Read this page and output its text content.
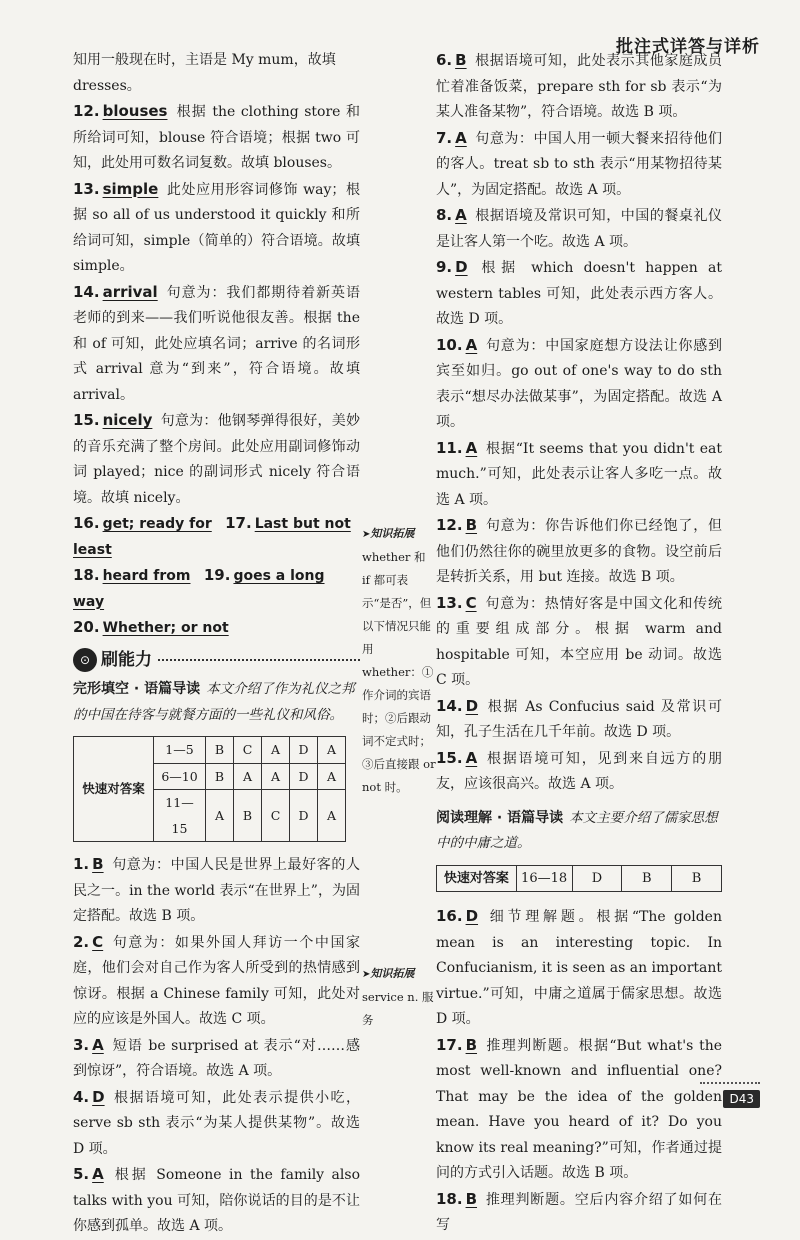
批注式详答与详析
知用一般现在时，主语是 My mum，故填
dresses。
12. blouses 根据 the clothing store 和所给词可知，blouse 符合语境；根据 two 可知，此处用可数名词复数。故填 blouses。
13. simple 此处应用形容词修饰 way；根据 so all of us understood it quickly 和所给词可知，simple（简单的）符合语境。故填 simple。
14. arrival 句意为：我们都期待着新英语老师的到来——我们听说他很友善。根据 the 和 of 可知，此处应填名词；arrive 的名词形式 arrival 意为“到来”，符合语境。故填 arrival。
15. nicely 句意为：他钢琴弹得很好，美妙的音乐充满了整个房间。此处应用副词修饰动词 played；nice 的副词形式 nicely 符合语境。故填 nicely。
16. get; ready for 17. Last but not least
18. heard from 19. goes a long way
20. Whether; or not
⊙ 刷能力
完形填空 · 语篇导读 本文介绍了作为礼仪之邦的中国在待客与就餐方面的一些礼仪和风俗。
快速对答案	1—5	B	C	A	D	A
	6—10	B	A	A	D	A
	11—15	A	B	C	D	A
1. B 句意为：中国人民是世界上最好客的人民之一。in the world 表示“在世界上”，为固定搭配。故选 B 项。
2. C 句意为：如果外国人拜访一个中国家庭，他们会对自己作为客人所受到的热情感到惊讶。根据 a Chinese family 可知，此处对应的应该是外国人。故选 C 项。
3. A 短语 be surprised at 表示“对……感到惊讶”，符合语境。故选 A 项。
4. D 根据语境可知，此处表示提供小吃，serve sb sth 表示“为某人提供某物”。故选 D 项。
5. A 根据 Someone in the family also talks with you 可知，陪你说话的目的是不让你感到孤单。故选 A 项。
➤知识拓展
whether 和 if 都可表示“是否”，但以下情况只能用 whether：①作介词的宾语时；②后跟动词不定式时；③后直接跟 or not 时。
➤知识拓展
service n. 服务
6. B 根据语境可知，此处表示其他家庭成员忙着准备饭菜，prepare sth for sb 表示“为某人准备某物”，符合语境。故选 B 项。
7. A 句意为：中国人用一顿大餐来招待他们的客人。treat sb to sth 表示“用某物招待某人”，为固定搭配。故选 A 项。
8. A 根据语境及常识可知，中国的餐桌礼仪是让客人第一个吃。故选 A 项。
9. D 根据 which doesn't happen at western tables 可知，此处表示西方客人。故选 D 项。
10. A 句意为：中国家庭想方设法让你感到宾至如归。go out of one's way to do sth 表示“想尽办法做某事”，为固定搭配。故选 A 项。
11. A 根据“It seems that you didn't eat much.”可知，此处表示让客人多吃一点。故选 A 项。
12. B 句意为：你告诉他们你已经饱了，但他们仍然往你的碗里放更多的食物。设空前后是转折关系，用 but 连接。故选 B 项。
13. C 句意为：热情好客是中国文化和传统的重要组成部分。根据 warm and hospitable 可知，本空应用 be 动词。故选 C 项。
14. D 根据 As Confucius said 及常识可知，孔子生活在几千年前。故选 D 项。
15. A 根据语境可知，见到来自远方的朋友，应该很高兴。故选 A 项。
阅读理解 · 语篇导读 本文主要介绍了儒家思想中的中庸之道。
快速对答案	16—18	D	B	B
16. D 细节理解题。根据“The golden mean is an interesting topic. In Confucianism, it is seen as an important virtue.”可知，中庸之道属于儒家思想。故选 D 项。
17. B 推理判断题。根据“But what's the most well-known and influential one? That may be the idea of the golden mean. Have you heard of it? Do you know its real meaning?”可知，作者通过提问的方式引入话题。故选 B 项。
18. B 推理判断题。空后内容介绍了如何在写
D43
